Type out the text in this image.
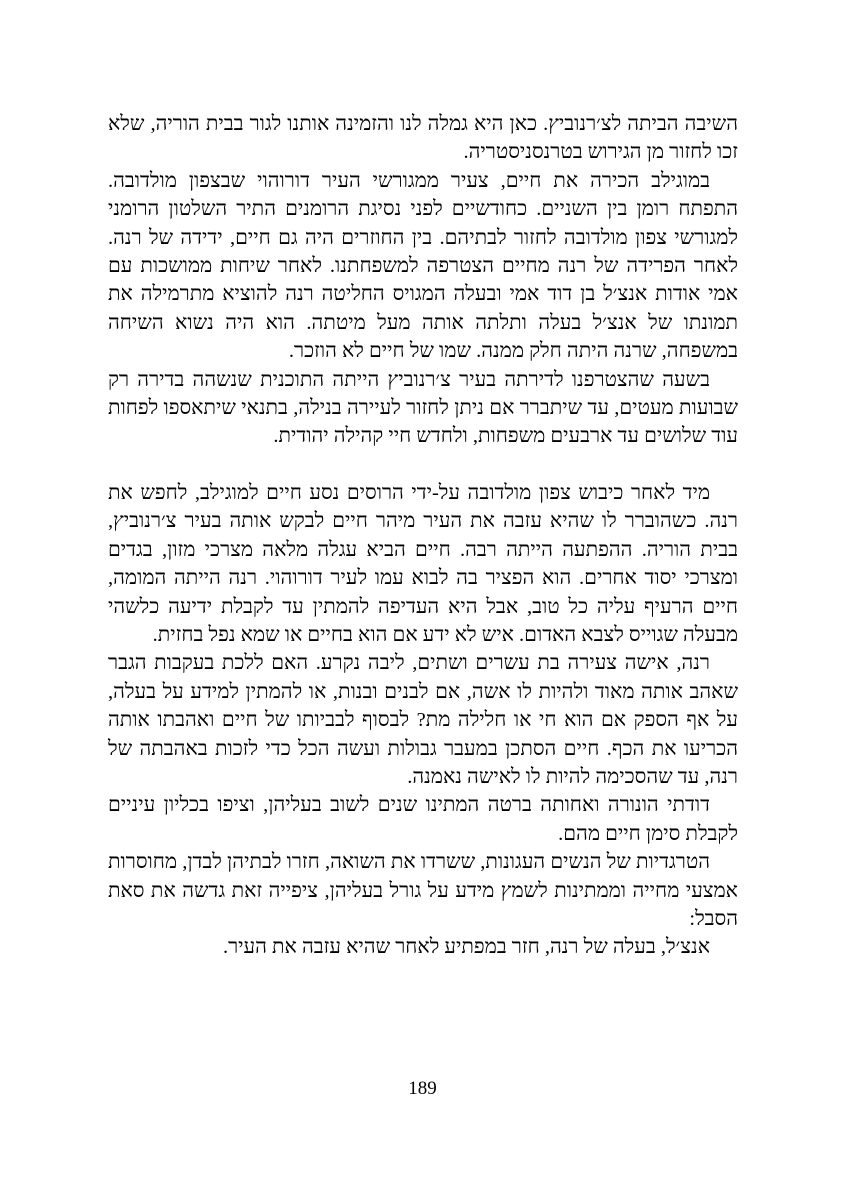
השיבה הביתה לצ׳רנוביץ. כאן היא גמלה לנו והזמינה אותנו לגור בבית הוריה, שלא זכו לחזור מן הגירוש בטרנסניסטריה.

במוגילב הכירה את חיים, צעיר ממגורשי העיר דורוהוי שבצפון מולדובה. התפתח רומן בין השניים. כחודשיים לפני נסיגת הרומנים התיר השלטון הרומני למגורשי צפון מולדובה לחזור לבתיהם. בין החוזרים היה גם חיים, ידידה של רנה. לאחר הפרידה של רנה מחיים הצטרפה למשפחתנו. לאחר שיחות ממושכות עם אמי אודות אנצ׳ל בן דוד אמי ובעלה המגויס החליטה רנה להוציא מתרמילה את תמונתו של אנצ׳ל בעלה ותלתה אותה מעל מיטתה. הוא היה נשוא השיחה במשפחה, שרנה היתה חלק ממנה. שמו של חיים לא הוזכר.

בשעה שהצטרפנו לדירתה בעיר צ׳רנוביץ הייתה התוכנית שנשהה בדירה רק שבועות מעטים, עד שיתברר אם ניתן לחזור לעיירה בנילה, בתנאי שיתאספו לפחות עוד שלושים עד ארבעים משפחות, ולחדש חיי קהילה יהודית.

מיד לאחר כיבוש צפון מולדובה על-ידי הרוסים נסע חיים למוגילב, לחפש את רנה. כשהוברר לו שהיא עזבה את העיר מיהר חיים לבקש אותה בעיר צ׳רנוביץ, בבית הוריה. ההפתעה הייתה רבה. חיים הביא עגלה מלאה מצרכי מזון, בגדים ומצרכי יסוד אחרים. הוא הפציר בה לבוא עמו לעיר דורוהוי. רנה הייתה המומה, חיים הרעיף עליה כל טוב, אבל היא העדיפה להמתין עד לקבלת ידיעה כלשהי מבעלה שגוייס לצבא האדום. איש לא ידע אם הוא בחיים או שמא נפל בחזית.

רנה, אישה צעירה בת עשרים ושתים, ליבה נקרע. האם ללכת בעקבות הגבר שאהב אותה מאוד ולהיות לו אשה, אם לבנים ובנות, או להמתין למידע על בעלה, על אף הספק אם הוא חי או חלילה מת? לבסוף לבביותו של חיים ואהבתו אותה הכריעו את הכף. חיים הסתכן במעבר גבולות ועשה הכל כדי לזכות באהבתה של רנה, עד שהסכימה להיות לו לאישה נאמנה.

דודתי הונורה ואחותה ברטה המתינו שנים לשוב בעליהן, וציפו בכליון עיניים לקבלת סימן חיים מהם.

הטרגדיות של הנשים העגונות, ששרדו את השואה, חזרו לבתיהן לבדן, מחוסרות אמצעי מחייה וממתינות לשמץ מידע על גורל בעליהן, ציפייה זאת גדשה את סאת הסבל:

אנצ׳ל, בעלה של רנה, חזר במפתיע לאחר שהיא עזבה את העיר.

189
